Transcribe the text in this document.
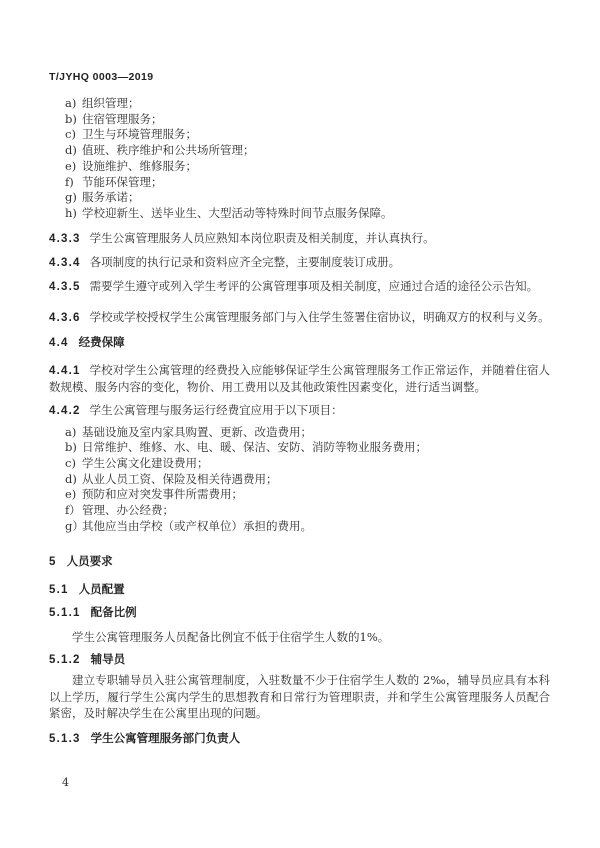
T/JYHQ 0003—2019
a) 组织管理；
b) 住宿管理服务；
c) 卫生与环境管理服务；
d) 值班、秩序维护和公共场所管理；
e) 设施维护、维修服务；
f) 节能环保管理；
g) 服务承诺；
h) 学校迎新生、送毕业生、大型活动等特殊时间节点服务保障。

4.3.3 学生公寓管理服务人员应熟知本岗位职责及相关制度，并认真执行。

4.3.4 各项制度的执行记录和资料应齐全完整，主要制度装订成册。

4.3.5 需要学生遵守或列入学生考评的公寓管理事项及相关制度，应通过合适的途径公示告知。

4.3.6 学校或学校授权学生公寓管理服务部门与入住学生签署住宿协议，明确双方的权利与义务。

4.4 经费保障

4.4.1 学校对学生公寓管理的经费投入应能够保证学生公寓管理服务工作正常运作，并随着住宿人数规模、服务内容的变化，物价、用工费用以及其他政策性因素变化，进行适当调整。

4.4.2 学生公寓管理与服务运行经费宜应用于以下项目：

a) 基础设施及室内家具购置、更新、改造费用；
b) 日常维护、维修、水、电、暖、保洁、安防、消防等物业服务费用；
c) 学生公寓文化建设费用；
d) 从业人员工资、保险及相关待遇费用；
e) 预防和应对突发事件所需费用；
f） 管理、办公经费；
g）
其他应当由学校（或产权单位）承担的费用。
5 人员要求
5.1 人员配置
5.1.1 配备比例

学生公寓管理服务人员配备比例宜不低于住宿学生人数的1%。

5.1.2 辅导员

建立专职辅导员入驻公寓管理制度，入驻数量不少于住宿学生人数的 2‰，辅导员应具有本科以上学历，履行学生公寓内学生的思想教育和日常行为管理职责，并和学生公寓管理服务人员配合紧密，及时解决学生在公寓里出现的问题。

5.1.3 学生公寓管理服务部门负责人
4
